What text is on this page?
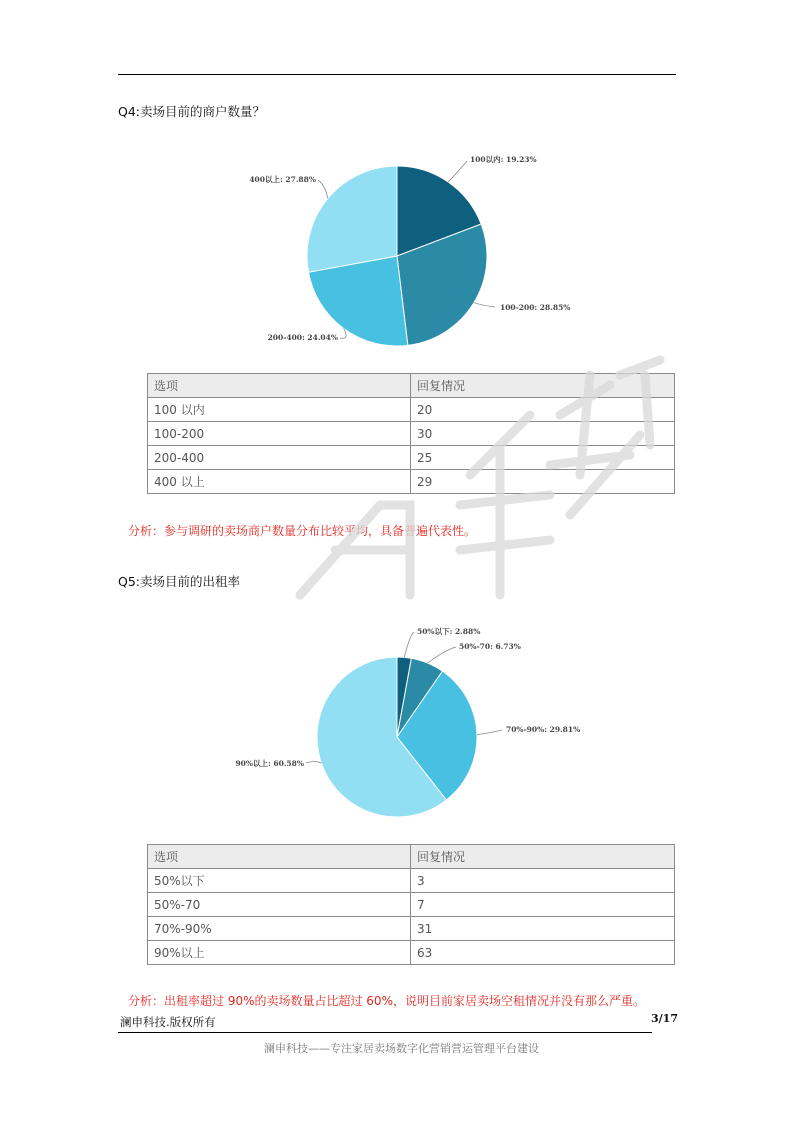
Q4:卖场目前的商户数量？
100以内: 19.23%
100-200: 28.85%
200-400: 24.04%
400以上: 27.88%
选项	回复情况
100 以内	20
100-200	30
200-400	25
400 以上	29
分析：参与调研的卖场商户数量分布比较平均，具备普遍代表性。
Q5:卖场目前的出租率
50%以下: 2.88%
50%-70: 6.73%
70%-90%: 29.81%
90%以上: 60.58%
选项	回复情况
50%以下	3
50%-70	7
70%-90%	31
90%以上	63
分析：出租率超过 90%的卖场数量占比超过 60%，说明目前家居卖场空租情况并没有那么严重。
澜申科技.版权所有	3/17
澜申科技——专注家居卖场数字化营销营运管理平台建设
